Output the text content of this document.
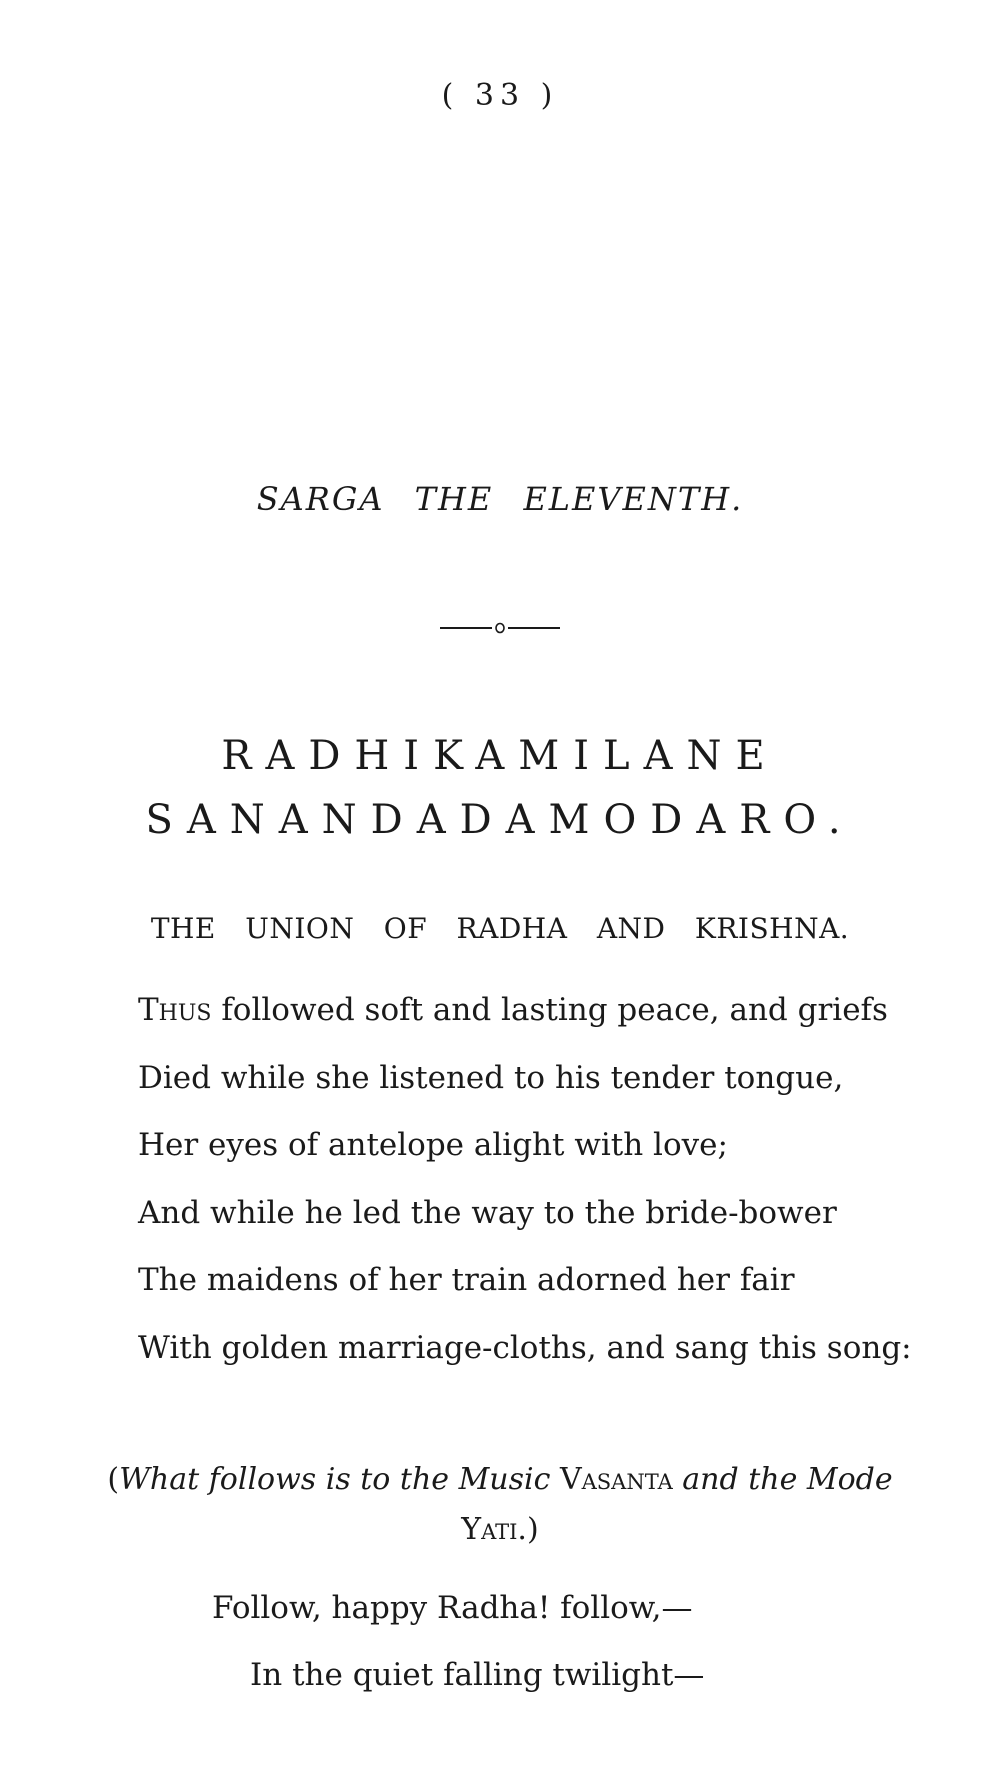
( 33 )
SARGA THE ELEVENTH.
RADHIKAMILANE
SANANDADAMODARO.
THE UNION OF RADHA AND KRISHNA.
Thus followed soft and lasting peace, and griefs
Died while she listened to his tender tongue,
Her eyes of antelope alight with love;
And while he led the way to the bride-bower
The maidens of her train adorned her fair
With golden marriage-cloths, and sang this song:
(What follows is to the Music Vasanta and the Mode
Yati.)
Follow, happy Radha! follow,—
In the quiet falling twilight—
